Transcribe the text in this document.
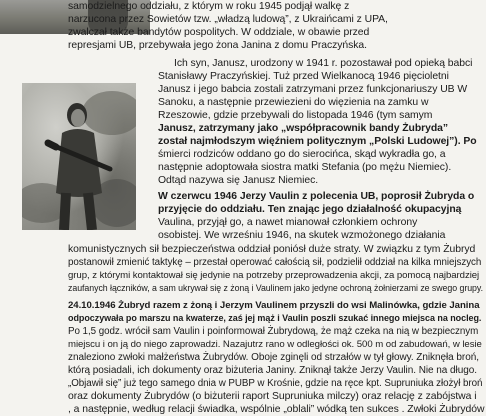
samodzielnego oddziału, z którym w roku 1945 podjął walkę z
narzucona przez Sowietów tzw. „władzą ludową”, z Ukraińcami z UPA,
zwalczał także bandytów pospolitych. W oddziale, w obawie przed
represjami UB, przebywała jego żona Janina z domu Praczyńska.
Ich syn, Janusz, urodzony w 1941 r. pozostawał pod opieką babci
Stanisławy Praczyńskiej. Tuż przed Wielkanocą 1946 pięcioletni
Janusz i jego babcia zostali zatrzymani przez funkcjonariuszy UB W
Sanoku, a następnie przewiezieni do więzienia na zamku w
Rzeszowie, gdzie przebywali do listopada 1946 (tym samym
Janusz, zatrzymany jako „współpracownik bandy Żubryda”
został najmłodszym więźniem politycznym „Polski Ludowej”). Po
śmierci rodziców oddano go do sierocińca, skąd wykradła go, a
następnie adoptowała siostra matki Stefania (po mężu Niemiec).
Odtąd nazywa się Janusz Niemiec.
W czerwcu 1946 Jerzy Vaulin z polecenia UB, poprosił Żubryda o
przyjęcie do oddziału. Ten znając jego działalność okupacyjną
Vaulina, przyjął go, a nawet mianował członkiem ochrony
osobistej. We wrześniu 1946, na skutek wzmożonego działania
komunistycznych sił bezpieczeństwa oddział poniósł duże straty. W związku z tym Żubryd
postanowił zmienić taktykę – przestał operować całością sił, podzielił oddział na kilka mniejszych
grup, z którymi kontaktował się jedynie na potrzeby przeprowadzenia akcji, za pomocą najbardziej
zaufanych łączników, a sam ukrywał się z żoną i Vaulinem jako jedyne ochroną żołnierzami ze swego grupy.
24.10.1946 Żubryd razem z żoną i Jerzym Vaulinem przyszli do wsi Malinówka, gdzie Janina
odpoczywała po marszu na kwaterze, zaś jej mąż i Vaulin poszli szukać innego miejsca na nocleg.
Po 1,5 godz. wrócił sam Vaulin i poinformował Żubrydową, że mąż czeka na nią w bezpiecznym
miejscu i on ją do niego zaprowadzi. Nazajutrz rano w odległości ok. 500 m od zabudowań, w lesie
znaleziono zwłoki małżeństwa Żubrydów. Oboje zginęli od strzałów w tył głowy. Zniknęła broń,
którą posiadali, ich dokumenty oraz biżuteria Janiny. Zniknął także Jerzy Vaulin. Nie na długo.
„Objawił się” już tego samego dnia w PUBP w Krośnie, gdzie na ręce kpt. Supruniuka złożył broń
oraz dokumenty Żubrydów (o biżuterii raport Supruniuka milczy) oraz relację z zabójstwa i
, a następnie, według relacji świadka, wspólnie „oblali” wódką ten sukces . Zwłoki Żubrydów
